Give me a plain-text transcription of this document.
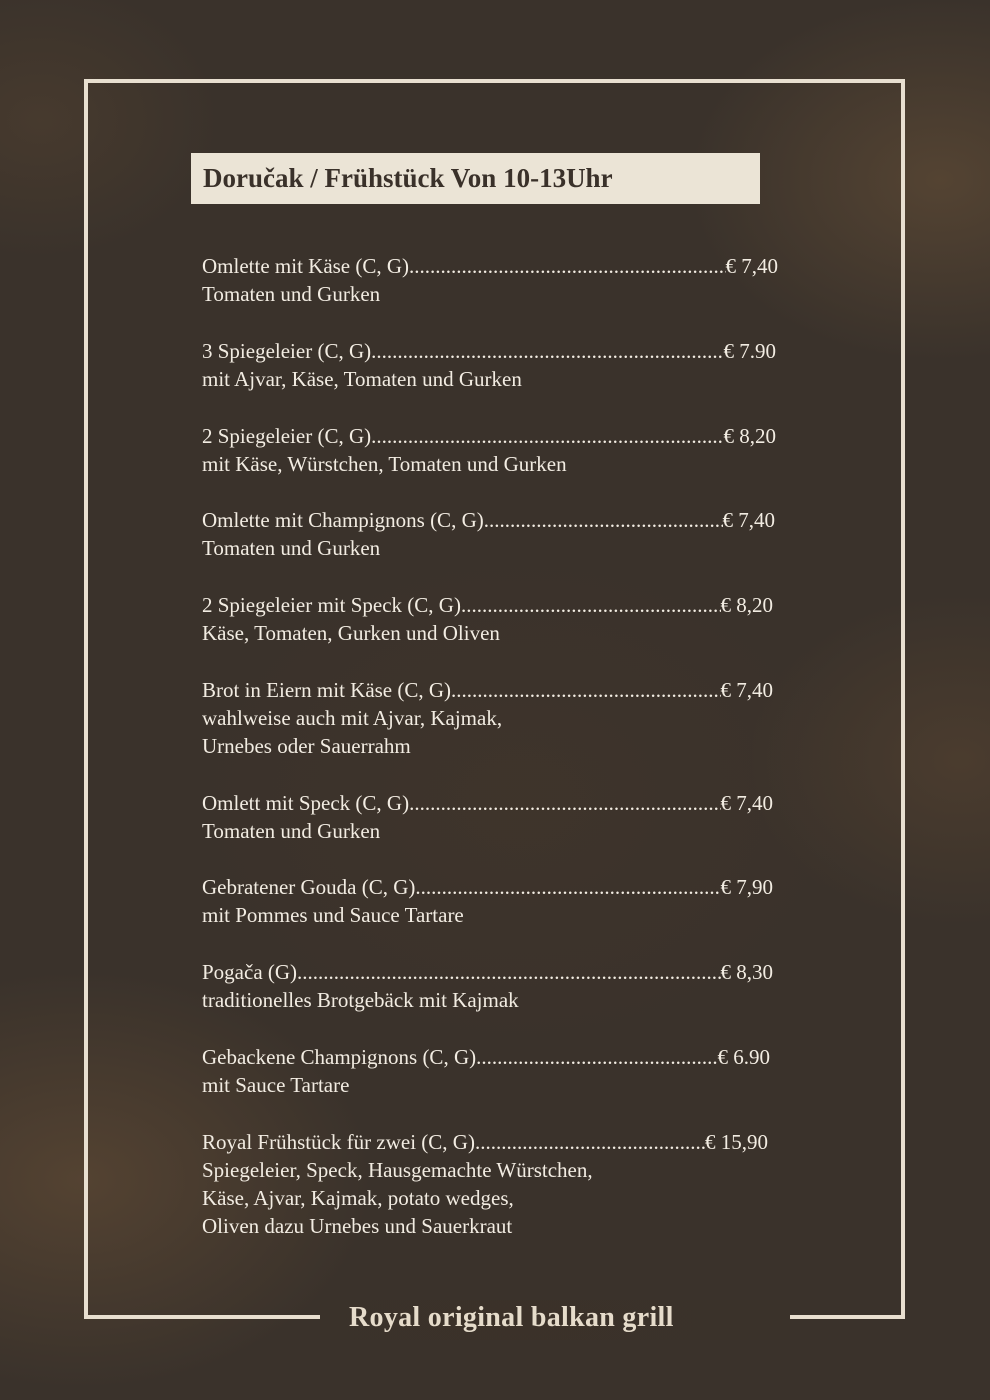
Doručak / Frühstück Von 10-13Uhr
Omlette mit Käse (C, G) .....	€ 7,40
Tomaten und Gurken
3 Spiegeleier (C, G) .....	€ 7.90
mit Ajvar, Käse, Tomaten und Gurken
2 Spiegeleier (C, G) .....	€ 8,20
mit Käse, Würstchen, Tomaten und Gurken
Omlette mit Champignons (C, G) .....	€ 7,40
Tomaten und Gurken
2 Spiegeleier mit Speck (C, G) .....	€ 8,20
Käse, Tomaten, Gurken und Oliven
Brot in Eiern mit Käse (C, G) .....	€ 7,40
wahlweise auch mit Ajvar, Kajmak,
Urnebes oder Sauerrahm
Omlett mit Speck (C, G) .....	€ 7,40
Tomaten und Gurken
Gebratener Gouda (C, G) .....	€ 7,90
mit Pommes und Sauce Tartare
Pogača (G) .....	€ 8,30
traditionelles Brotgebäck mit Kajmak
Gebackene Champignons (C, G) .....	€ 6.90
mit Sauce Tartare
Royal Frühstück für zwei (C, G) .....	€ 15,90
Spiegeleier, Speck, Hausgemachte Würstchen,
Käse, Ajvar, Kajmak, potato wedges,
Oliven dazu Urnebes und Sauerkraut
Royal original balkan grill
